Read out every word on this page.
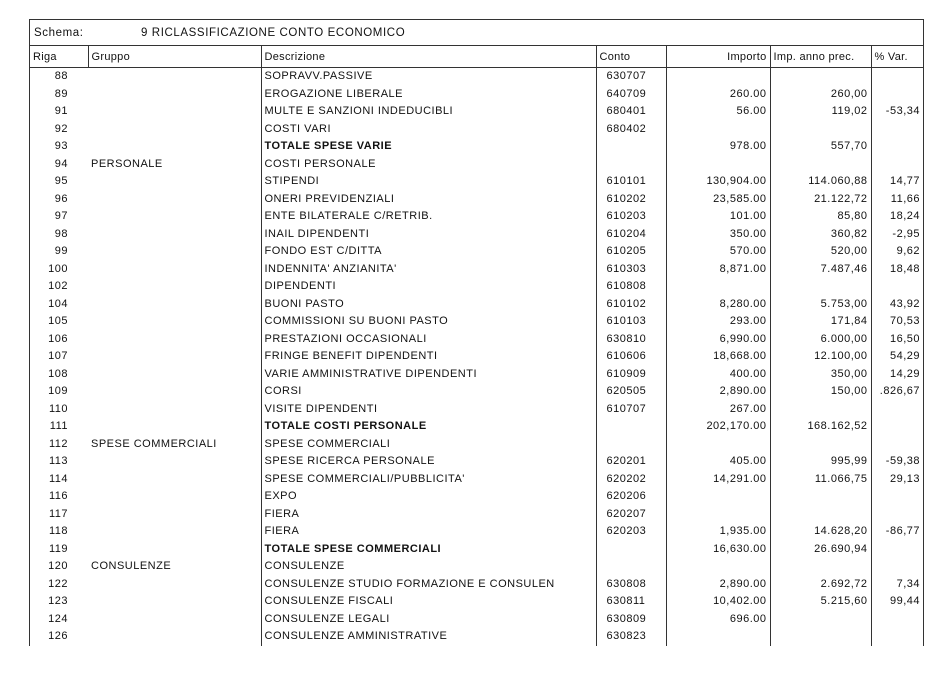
Schema:	9 RICLASSIFICAZIONE CONTO ECONOMICO
Riga	Gruppo	Descrizione	Conto	Importo	Imp. anno prec.	% Var.
88		SOPRAVV.PASSIVE	630707			
89		EROGAZIONE LIBERALE	640709	260.00	260,00	
91		MULTE E SANZIONI INDEDUCIBLI	680401	56.00	119,02	-53,34
92		COSTI VARI	680402			
93		TOTALE SPESE VARIE		978.00	557,70	
94	PERSONALE	COSTI PERSONALE				
95		STIPENDI	610101	130,904.00	114.060,88	14,77
96		ONERI PREVIDENZIALI	610202	23,585.00	21.122,72	11,66
97		ENTE BILATERALE C/RETRIB.	610203	101.00	85,80	18,24
98		INAIL DIPENDENTI	610204	350.00	360,82	-2,95
99		FONDO EST C/DITTA	610205	570.00	520,00	9,62
100		INDENNITA' ANZIANITA'	610303	8,871.00	7.487,46	18,48
102		DIPENDENTI	610808			
104		BUONI PASTO	610102	8,280.00	5.753,00	43,92
105		COMMISSIONI SU BUONI PASTO	610103	293.00	171,84	70,53
106		PRESTAZIONI OCCASIONALI	630810	6,990.00	6.000,00	16,50
107		FRINGE BENEFIT DIPENDENTI	610606	18,668.00	12.100,00	54,29
108		VARIE AMMINISTRATIVE DIPENDENTI	610909	400.00	350,00	14,29
109		CORSI	620505	2,890.00	150,00	.826,67
110		VISITE DIPENDENTI	610707	267.00		
111		TOTALE COSTI PERSONALE		202,170.00	168.162,52	
112	SPESE COMMERCIALI	SPESE COMMERCIALI				
113		SPESE RICERCA PERSONALE	620201	405.00	995,99	-59,38
114		SPESE COMMERCIALI/PUBBLICITA'	620202	14,291.00	11.066,75	29,13
116		EXPO	620206			
117		FIERA	620207			
118		FIERA	620203	1,935.00	14.628,20	-86,77
119		TOTALE SPESE COMMERCIALI		16,630.00	26.690,94	
120	CONSULENZE	CONSULENZE				
122		CONSULENZE STUDIO FORMAZIONE E CONSULEN	630808	2,890.00	2.692,72	7,34
123		CONSULENZE FISCALI	630811	10,402.00	5.215,60	99,44
124		CONSULENZE LEGALI	630809	696.00		
126		CONSULENZE AMMINISTRATIVE	630823			
